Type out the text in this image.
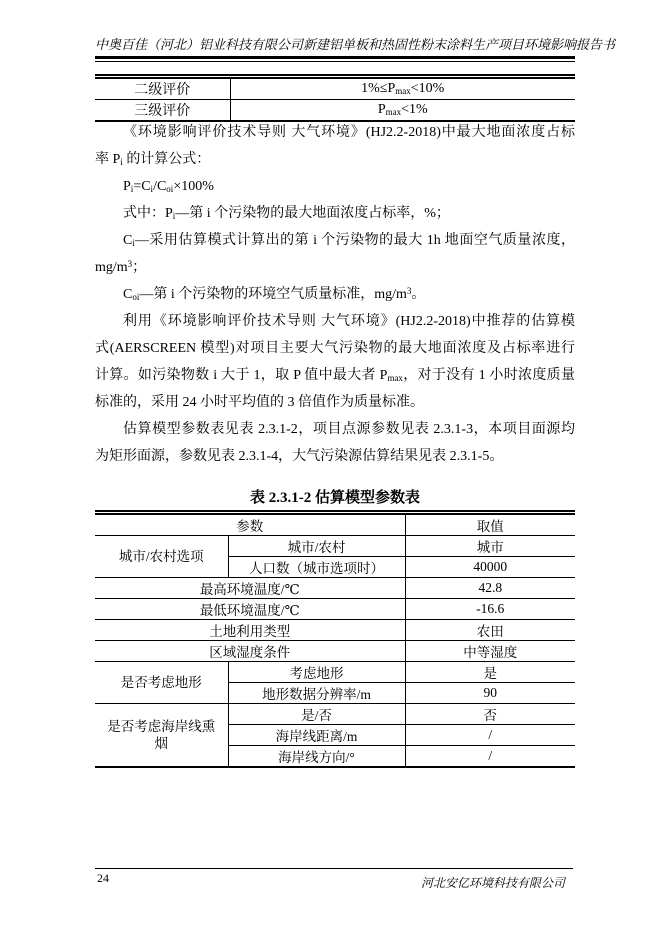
中奥百佳（河北）铝业科技有限公司新建铝单板和热固性粉末涂料生产项目环境影响报告书
二级评价	$1\%\le P_{max}<10\%$
三级评价	$P_{max}<1\%$
《环境影响评价技术导则 大气环境》(HJ2.2-2018)中最大地面浓度占标
率 $P_i$ 的计算公式：
$P_i=C_i/C_{oi}\times 100\%$
式中：$P_i—$第 i 个污染物的最大地面浓度占标率，%；
$C_i—$采用估算模式计算出的第 i 个污染物的最大 1h 地面空气质量浓度，
$mg/m^3$；
$C_{oi}—$第 i 个污染物的环境空气质量标准，$mg/m^3$。
利用《环境影响评价技术导则 大气环境》(HJ2.2-2018)中推荐的估算模
式(AERSCREEN 模型)对项目主要大气污染物的最大地面浓度及占标率进行
计算。如污染物数 i 大于 1，取 P 值中最大者 $P_{max}$，对于没有 1 小时浓度质量
标准的，采用 24 小时平均值的 3 倍值作为质量标准。
估算模型参数表见表 2.3.1-2，项目点源参数见表 2.3.1-3，本项目面源均
为矩形面源，参数见表 2.3.1-4，大气污染源估算结果见表 2.3.1-5。
表 2.3.1-2 估算模型参数表
参数		取值
城市/农村选项	城市/农村	城市
	人口数（城市选项时）	40000
最高环境温度/℃		42.8
最低环境温度/℃		-16.6
土地利用类型		农田
区域湿度条件		中等湿度
是否考虑地形	考虑地形	是
	地形数据分辨率/m	90
是否考虑海岸线熏烟	是/否	否
	海岸线距离/m	/
	海岸线方向/°	/
24	河北安亿环境科技有限公司
